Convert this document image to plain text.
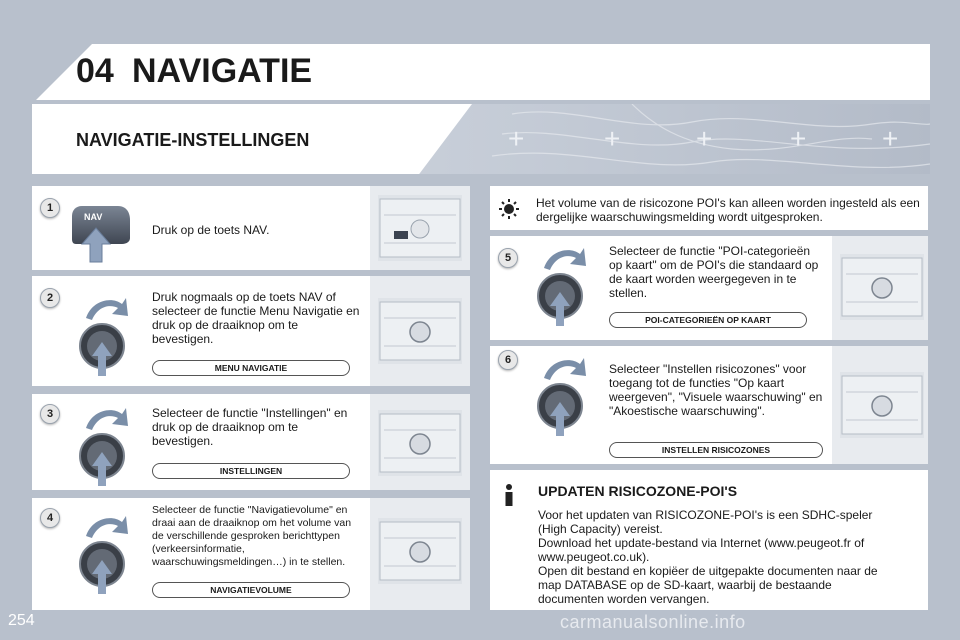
04 NAVIGATIE
+	+	+	+	+
NAVIGATIE-INSTELLINGEN
1
NAV
Druk op de toets NAV.
2	Druk nogmaals op de toets NAV of selecteer de functie Menu Navigatie en druk op de draaiknop om te bevestigen.
MENU NAVIGATIE
3	Selecteer de functie "Instellingen" en druk op de draaiknop om te bevestigen.
INSTELLINGEN
4
Selecteer de functie "Navigatievolume" en draai aan de draaiknop om het volume van de verschillende gesproken berichttypen (verkeersinformatie, waarschuwingsmeldingen…) in te stellen.
NAVIGATIEVOLUME
Het volume van de risicozone POI's kan alleen worden ingesteld als een dergelijke waarschuwingsmelding wordt uitgesproken.
5	Selecteer de functie "POI-categorieën op kaart" om de POI's die standaard op de kaart worden weergegeven in te stellen.
POI-CATEGORIEËN OP KAART
6
Selecteer "Instellen risicozones" voor toegang tot de functies "Op kaart weergeven", "Visuele waarschuwing" en "Akoestische waarschuwing".
INSTELLEN RISICOZONES
UPDATEN RISICOZONE-POI'S
Voor het updaten van RISICOZONE-POI's is een SDHC-speler (High Capacity) vereist.
Download het update-bestand via Internet (www.peugeot.fr of www.peugeot.co.uk).
Open dit bestand en kopiëer de uitgepakte documenten naar de map DATABASE op de SD-kaart, waarbij de bestaande documenten worden vervangen.
254	carmanualsonline.info
